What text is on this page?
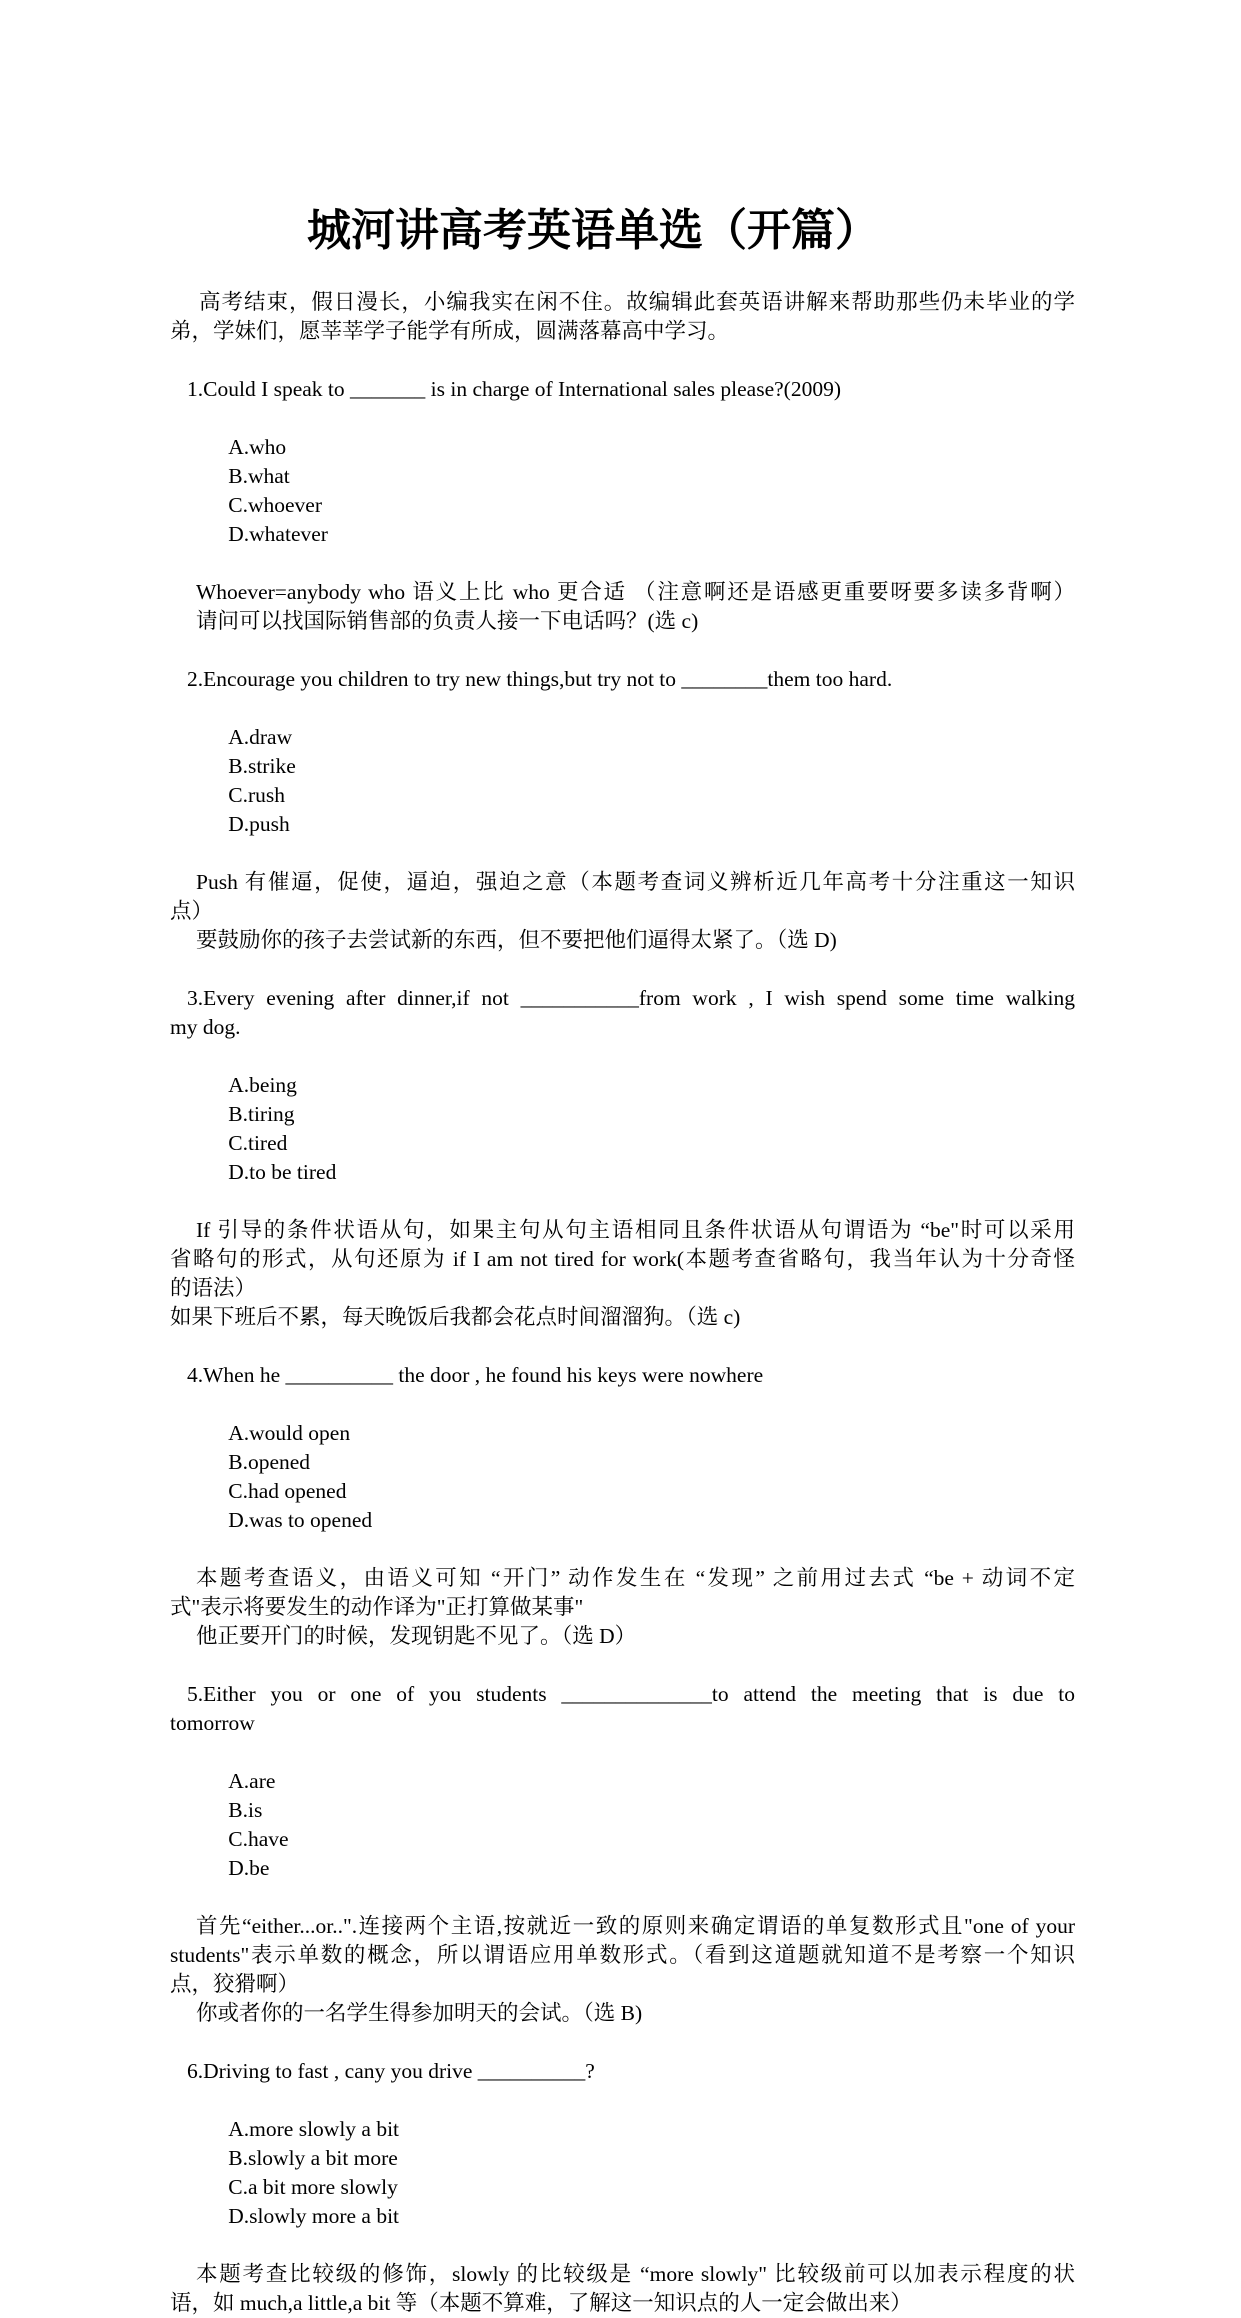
城河讲高考英语单选（开篇）
高考结束，假日漫长，小编我实在闲不住。故编辑此套英语讲解来帮助那些仍未毕业的学
弟，学妹们，愿莘莘学子能学有所成，圆满落幕高中学习。
1.Could I speak to _______ is in charge of International sales please?(2009)

A.who
B.what
C.whoever
D.whatever

Whoever=anybody who 语义上比 who 更合适 （注意啊还是语感更重要呀要多读多背啊）
请问可以找国际销售部的负责人接一下电话吗？(选 c)
2.Encourage you children to try new things,but try not to ________them too hard.

A.draw
B.strike
C.rush
D.push

Push 有催逼，促使，逼迫，强迫之意（本题考查词义辨析近几年高考十分注重这一知识
点）
要鼓励你的孩子去尝试新的东西，但不要把他们逼得太紧了。（选 D)
3.Every evening after dinner,if not ___________from work , I wish spend some time walking
my dog.

A.being
B.tiring
C.tired
D.to be tired

If 引导的条件状语从句，如果主句从句主语相同且条件状语从句谓语为 “be"时可以采用
省略句的形式，从句还原为 if I am not tired for work(本题考查省略句，我当年认为十分奇怪
的语法）
如果下班后不累，每天晚饭后我都会花点时间溜溜狗。（选 c)
4.When he __________ the door , he found his keys were nowhere

A.would open
B.opened
C.had opened
D.was to opened

本题考查语义，由语义可知 “开门” 动作发生在 “发现” 之前用过去式 “be + 动词不定
式"表示将要发生的动作译为"正打算做某事"
他正要开门的时候，发现钥匙不见了。（选 D）
5.Either you or one of you students ______________to attend the meeting that is due to
tomorrow

A.are
B.is
C.have
D.be

首先“either...or..".连接两个主语,按就近一致的原则来确定谓语的单复数形式且"one of your
students"表示单数的概念，所以谓语应用单数形式。（看到这道题就知道不是考察一个知识
点，狡猾啊）
你或者你的一名学生得参加明天的会试。（选 B)
6.Driving to fast , cany you drive __________?

A.more slowly a bit
B.slowly a bit more
C.a bit more slowly
D.slowly more a bit

本题考查比较级的修饰，slowly 的比较级是 “more slowly" 比较级前可以加表示程度的状
语，如 much,a little,a bit 等（本题不算难，了解这一知识点的人一定会做出来）
